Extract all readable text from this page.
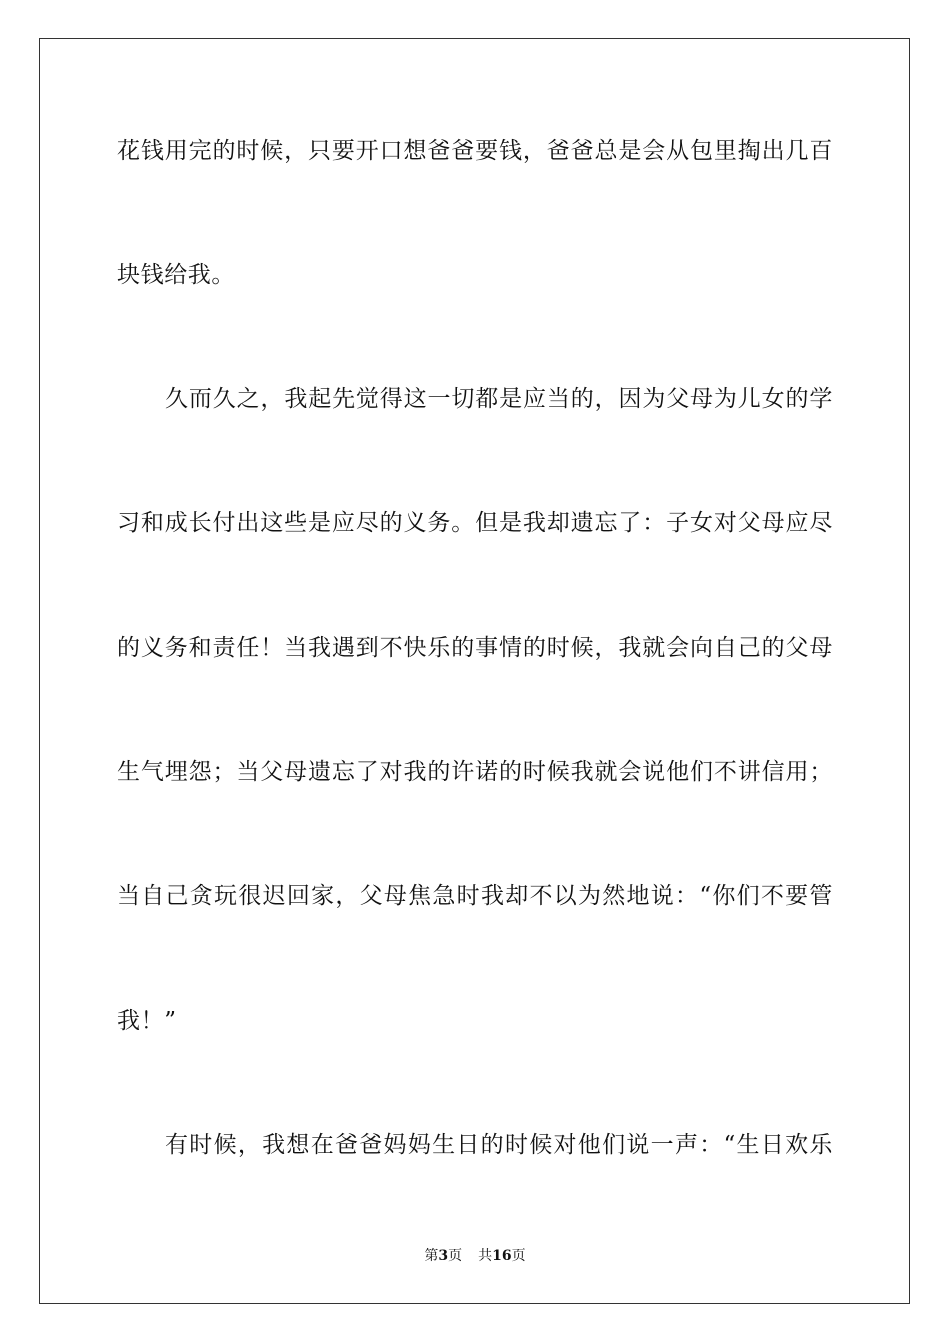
花钱用完的时候，只要开口想爸爸要钱，爸爸总是会从包里掏出几百
块钱给我。
久而久之，我起先觉得这一切都是应当的，因为父母为儿女的学
习和成长付出这些是应尽的义务。但是我却遗忘了：子女对父母应尽
的义务和责任！当我遇到不快乐的事情的时候，我就会向自己的父母
生气埋怨；当父母遗忘了对我的许诺的时候我就会说他们不讲信用；
当自己贪玩很迟回家，父母焦急时我却不以为然地说：“你们不要管
我！”
有时候，我想在爸爸妈妈生日的时候对他们说一声：“生日欢乐
第3页 共16页
